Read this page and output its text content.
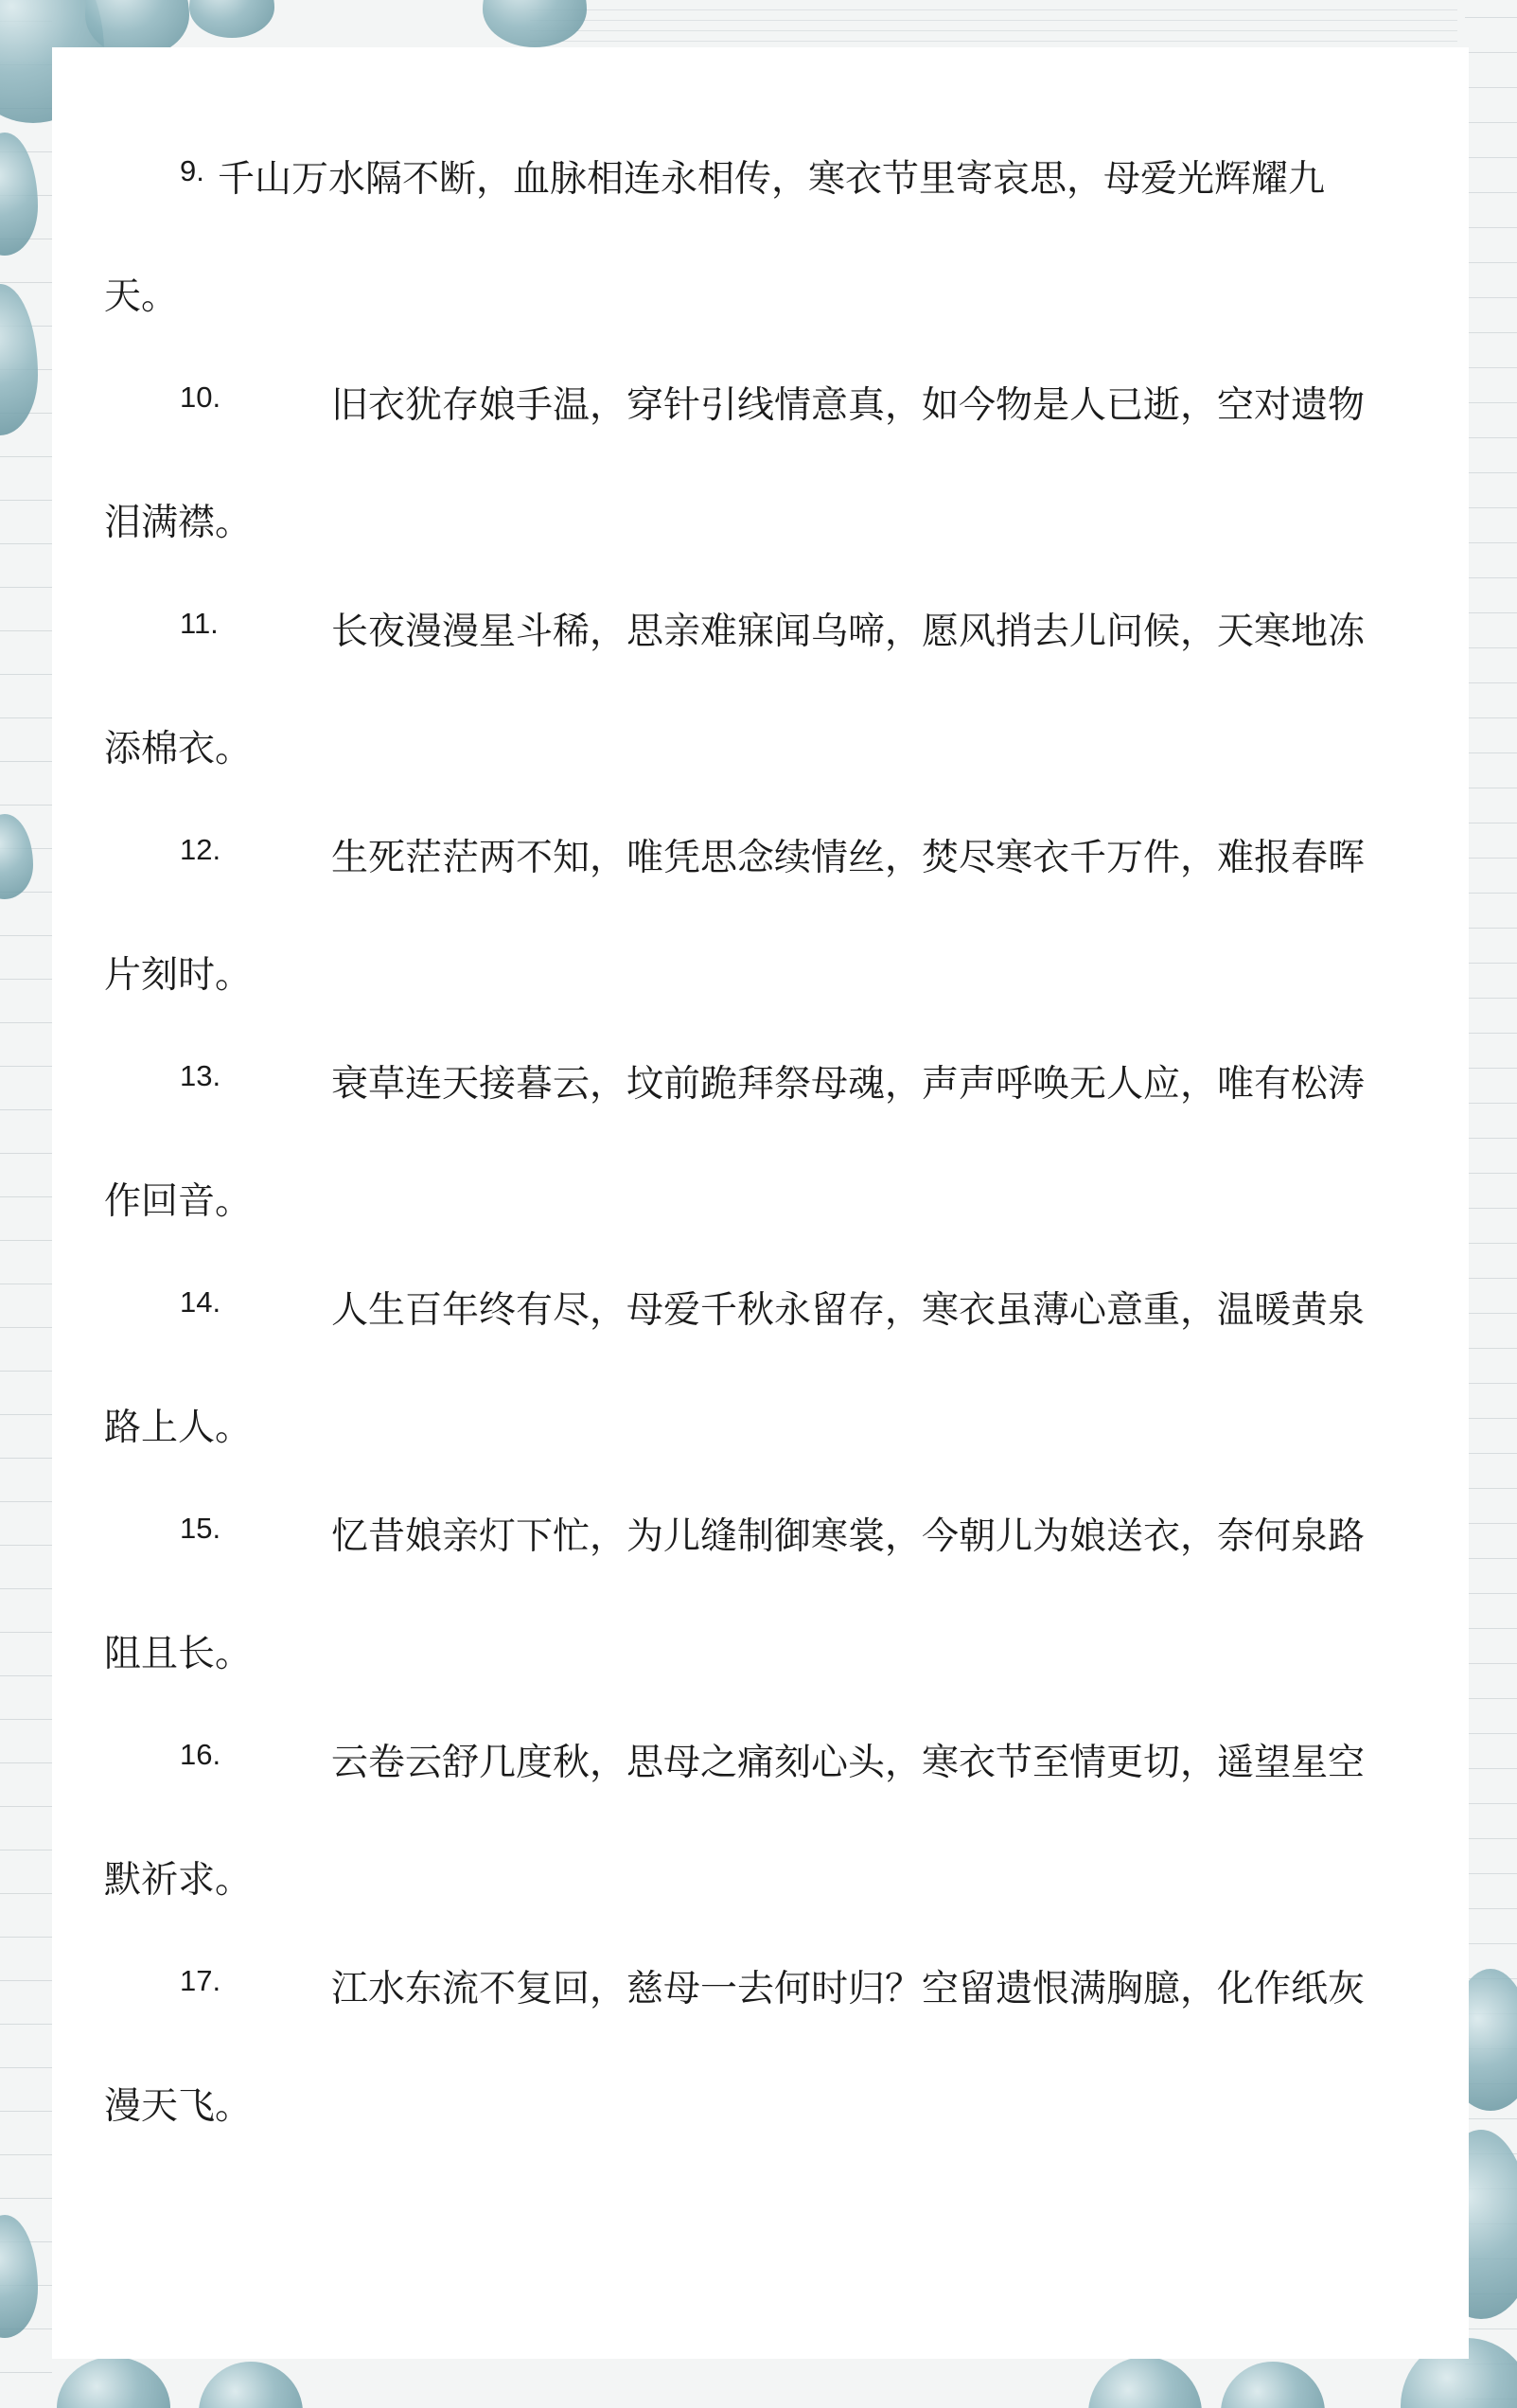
9. 千山万水隔不断，血脉相连永相传，寒衣节里寄哀思，母爱光辉耀九
天。
10.	旧衣犹存娘手温，穿针引线情意真，如今物是人已逝，空对遗物
泪满襟。
11.	长夜漫漫星斗稀，思亲难寐闻乌啼，愿风捎去儿问候，天寒地冻
添棉衣。
12.	生死茫茫两不知，唯凭思念续情丝，焚尽寒衣千万件，难报春晖
片刻时。
13.	衰草连天接暮云，坟前跪拜祭母魂，声声呼唤无人应，唯有松涛
作回音。
14.	人生百年终有尽，母爱千秋永留存，寒衣虽薄心意重，温暖黄泉
路上人。
15.	忆昔娘亲灯下忙，为儿缝制御寒裳，今朝儿为娘送衣，奈何泉路
阻且长。
16.	云卷云舒几度秋，思母之痛刻心头，寒衣节至情更切，遥望星空
默祈求。
17.	江水东流不复回，慈母一去何时归？空留遗恨满胸臆，化作纸灰
漫天飞。
